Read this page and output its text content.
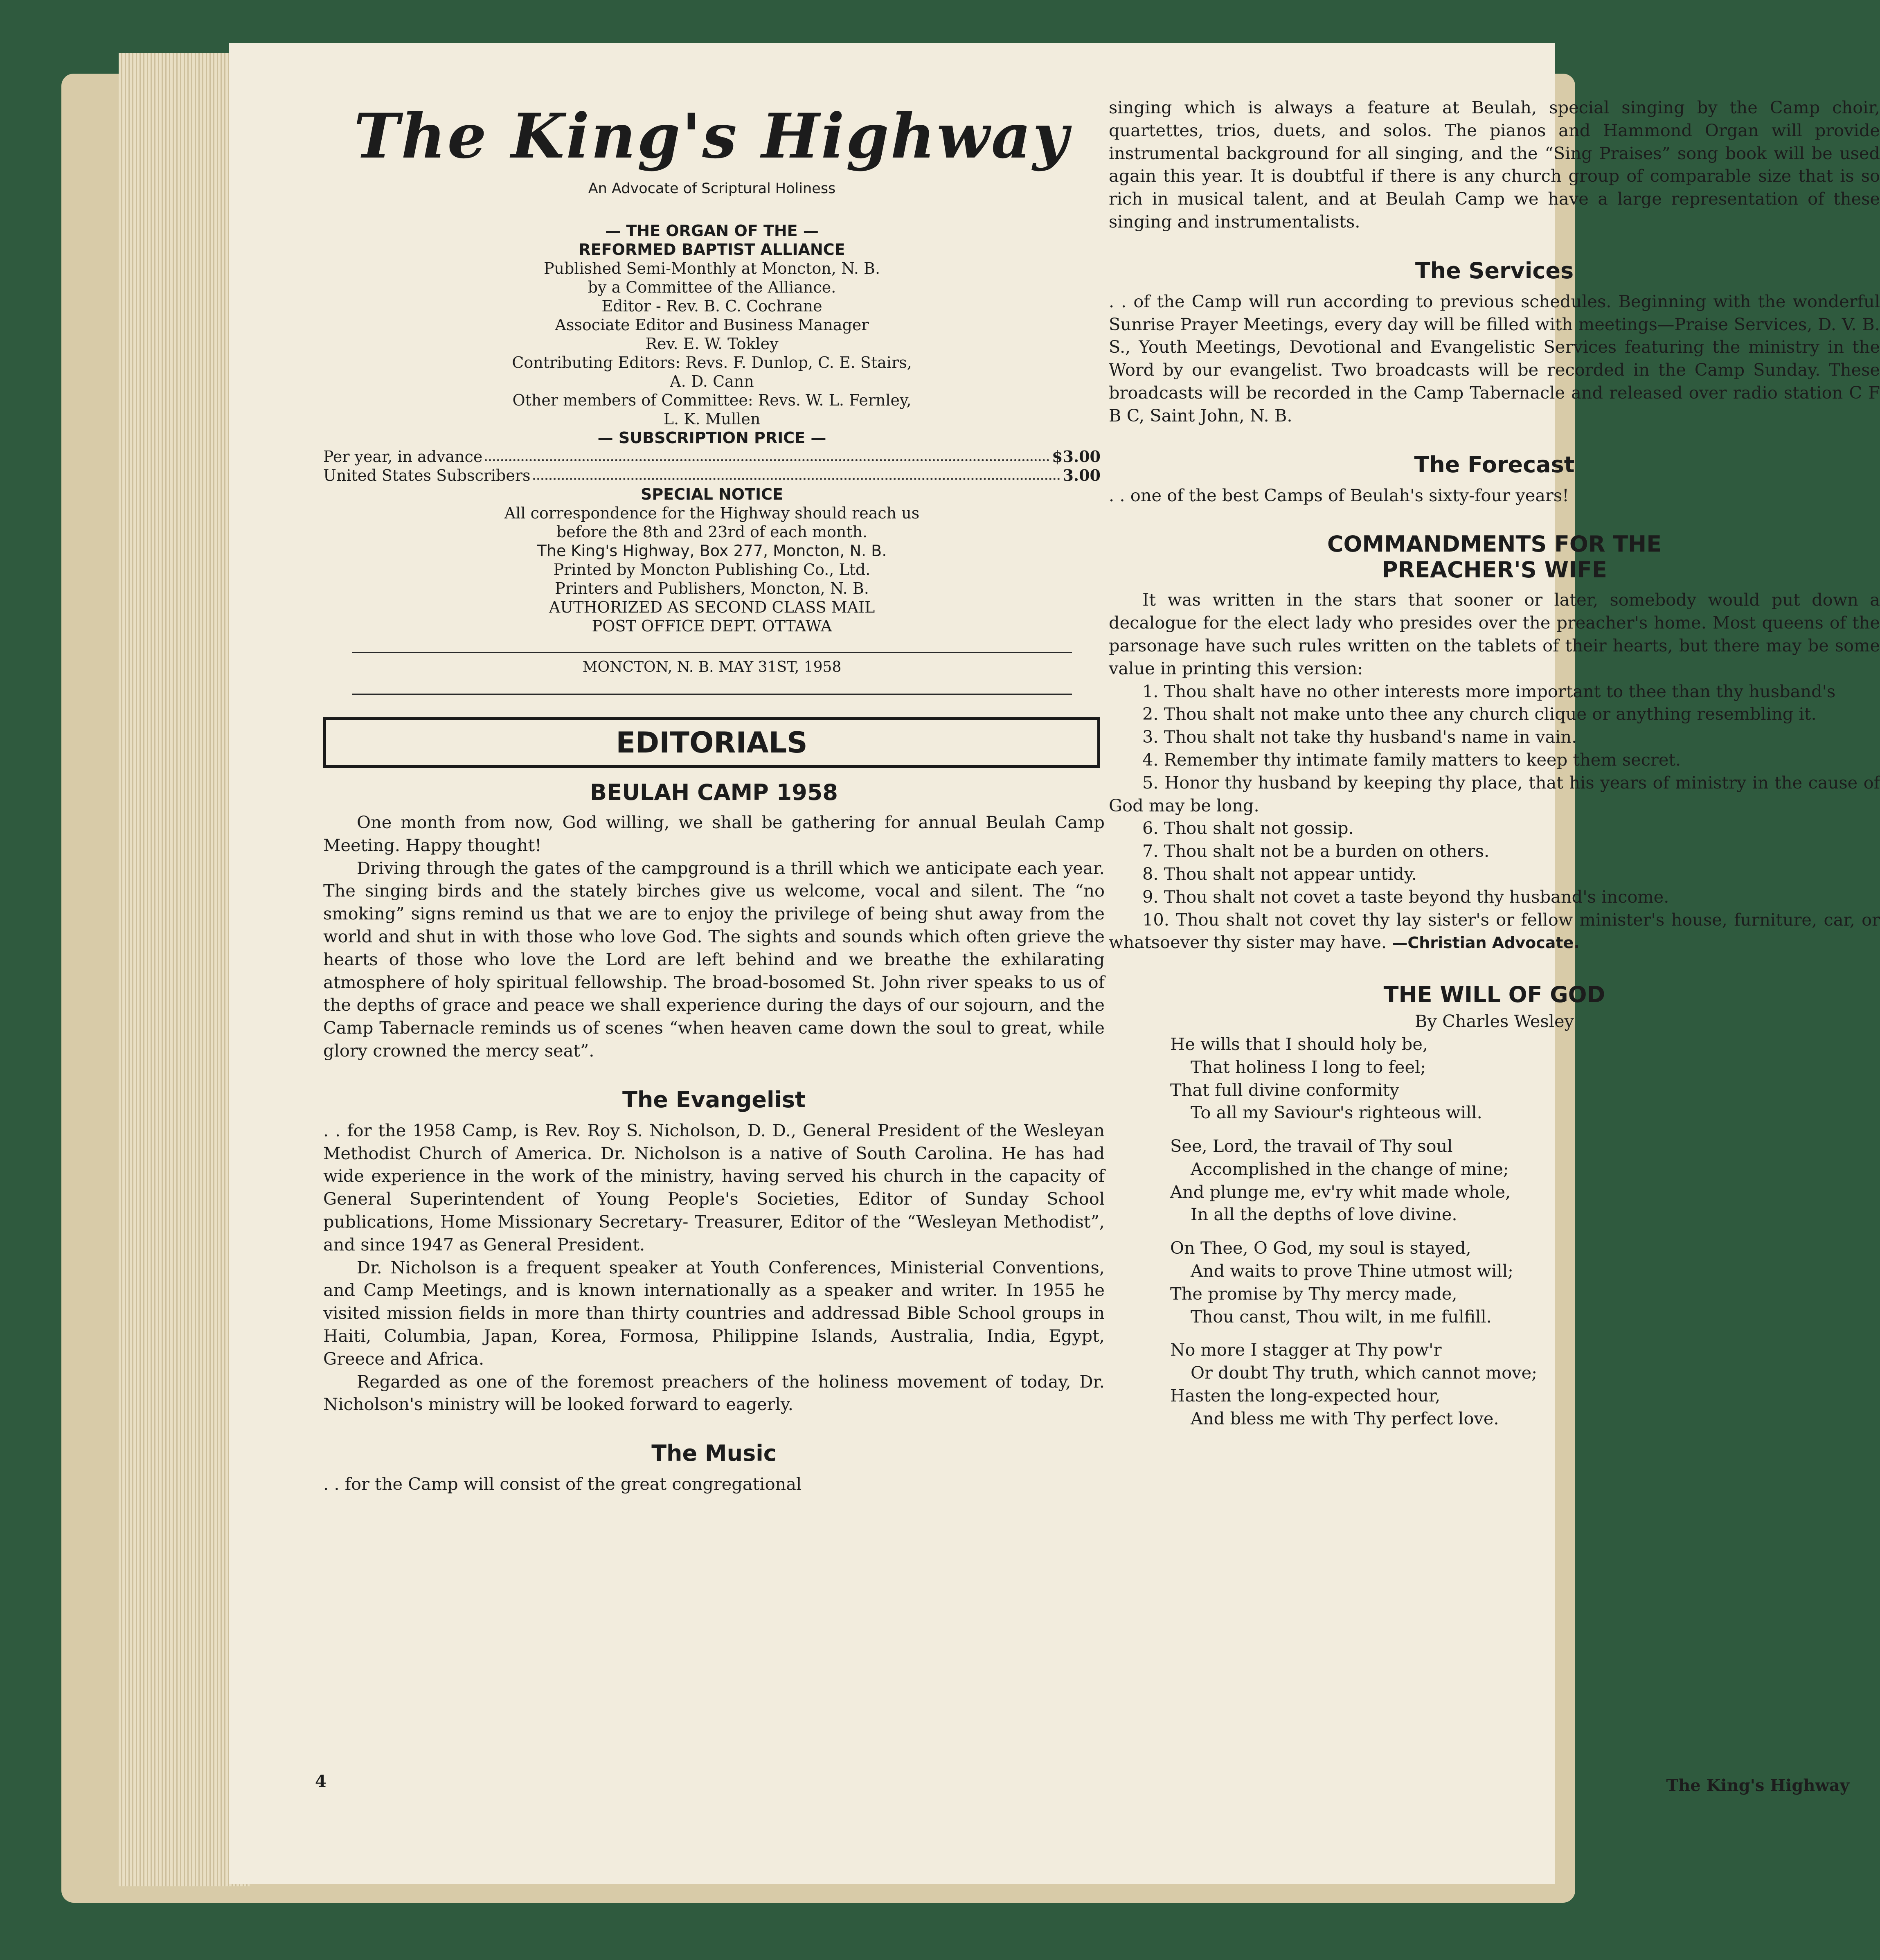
The King's Highway
An Advocate of Scriptural Holiness
— THE ORGAN OF THE —
REFORMED BAPTIST ALLIANCE
Published Semi-Monthly at Moncton, N. B.
by a Committee of the Alliance.
Editor - Rev. B. C. Cochrane
Associate Editor and Business Manager
Rev. E. W. Tokley
Contributing Editors: Revs. F. Dunlop, C. E. Stairs,
A. D. Cann
Other members of Committee: Revs. W. L. Fernley,
L. K. Mullen
— SUBSCRIPTION PRICE —
Per year, in advance	$3.00
United States Subscribers	3.00
SPECIAL NOTICE
All correspondence for the Highway should reach us
before the 8th and 23rd of each month.
The King's Highway, Box 277, Moncton, N. B.
Printed by Moncton Publishing Co., Ltd.
Printers and Publishers, Moncton, N. B.
AUTHORIZED AS SECOND CLASS MAIL
POST OFFICE DEPT. OTTAWA
MONCTON, N. B. MAY 31ST, 1958
EDITORIALS
BEULAH CAMP 1958

One month from now, God willing, we shall be gathering for annual Beulah Camp Meeting. Happy thought!

Driving through the gates of the campground is a thrill which we anticipate each year. The singing birds and the stately birches give us welcome, vocal and silent. The “no smoking” signs remind us that we are to enjoy the privilege of being shut away from the world and shut in with those who love God. The sights and sounds which often grieve the hearts of those who love the Lord are left behind and we breathe the exhilarating atmosphere of holy spiritual fellowship. The broad-bosomed St. John river speaks to us of the depths of grace and peace we shall experience during the days of our sojourn, and the Camp Tabernacle reminds us of scenes “when heaven came down the soul to great, while glory crowned the mercy seat”.

The Evangelist

. . for the 1958 Camp, is Rev. Roy S. Nicholson, D. D., General President of the Wesleyan Methodist Church of America. Dr. Nicholson is a native of South Carolina. He has had wide experience in the work of the ministry, having served his church in the capacity of General Superintendent of Young People's Societies, Editor of Sunday School publications, Home Missionary Secretary- Treasurer, Editor of the “Wesleyan Methodist”, and since 1947 as General President.

Dr. Nicholson is a frequent speaker at Youth Conferences, Ministerial Conventions, and Camp Meetings, and is known internationally as a speaker and writer. In 1955 he visited mission fields in more than thirty countries and addressad Bible School groups in Haiti, Columbia, Japan, Korea, Formosa, Philippine Islands, Australia, India, Egypt, Greece and Africa.

Regarded as one of the foremost preachers of the holiness movement of today, Dr. Nicholson's ministry will be looked forward to eagerly.

The Music

. . for the Camp will consist of the great congregational

singing which is always a feature at Beulah, special singing by the Camp choir, quartettes, trios, duets, and solos. The pianos and Hammond Organ will provide instrumental background for all singing, and the “Sing Praises” song book will be used again this year. It is doubtful if there is any church group of comparable size that is so rich in musical talent, and at Beulah Camp we have a large representation of these singing and instrumentalists.

The Services

. . of the Camp will run according to previous schedules. Beginning with the wonderful Sunrise Prayer Meetings, every day will be filled with meetings—Praise Services, D. V. B. S., Youth Meetings, Devotional and Evangelistic Services featuring the ministry in the Word by our evangelist. Two broadcasts will be recorded in the Camp Sunday. These broadcasts will be recorded in the Camp Tabernacle and released over radio station C F B C, Saint John, N. B.

The Forecast

. . one of the best Camps of Beulah's sixty-four years!

COMMANDMENTS FOR THE
PREACHER'S WIFE

It was written in the stars that sooner or later, somebody would put down a decalogue for the elect lady who presides over the preacher's home. Most queens of the parsonage have such rules written on the tablets of their hearts, but there may be some value in printing this version:

1. Thou shalt have no other interests more important to thee than thy husband's

2. Thou shalt not make unto thee any church clique or anything resembling it.

3. Thou shalt not take thy husband's name in vain.

4. Remember thy intimate family matters to keep them secret.

5. Honor thy husband by keeping thy place, that his years of ministry in the cause of God may be long.

6. Thou shalt not gossip.

7. Thou shalt not be a burden on others.

8. Thou shalt not appear untidy.

9. Thou shalt not covet a taste beyond thy husband's income.

10. Thou shalt not covet thy lay sister's or fellow minister's house, furniture, car, or whatsoever thy sister may have. —Christian Advocate.

THE WILL OF GOD
By Charles Wesley
He wills that I should holy be,
That holiness I long to feel;
That full divine conformity
To all my Saviour's righteous will.
See, Lord, the travail of Thy soul
Accomplished in the change of mine;
And plunge me, ev'ry whit made whole,
In all the depths of love divine.
On Thee, O God, my soul is stayed,
And waits to prove Thine utmost will;
The promise by Thy mercy made,
Thou canst, Thou wilt, in me fulfill.
No more I stagger at Thy pow'r
Or doubt Thy truth, which cannot move;
Hasten the long-expected hour,
And bless me with Thy perfect love.
4	The King's Highway
